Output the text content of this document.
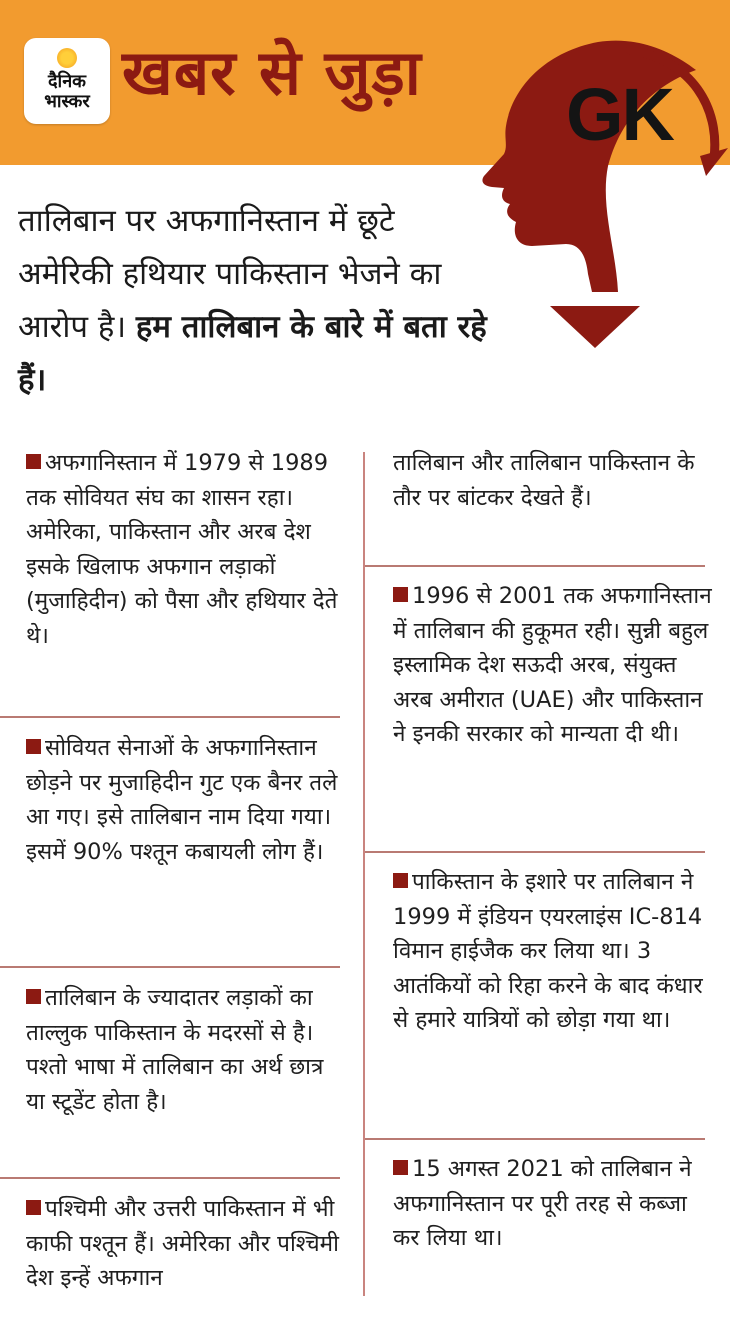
दैनिक
भास्कर खबर से जुड़ा
GK
तालिबान पर अफगानिस्तान में छूटे अमेरिकी हथियार पाकिस्तान भेजने का आरोप है। हम तालिबान के बारे में बता रहे हैं।
अफगानिस्तान में 1979 से 1989 तक सोवियत संघ का शासन रहा। अमेरिका, पाकिस्तान और अरब देश इसके खिलाफ अफगान लड़ाकों (मुजाहिदीन) को पैसा और हथियार देते थे।
सोवियत सेनाओं के अफगानिस्तान छोड़ने पर मुजाहिदीन गुट एक बैनर तले आ गए। इसे तालिबान नाम दिया गया। इसमें 90% पश्तून कबायली लोग हैं।
तालिबान के ज्यादातर लड़ाकों का ताल्लुक पाकिस्तान के मदरसों से है। पश्तो भाषा में तालिबान का अर्थ छात्र या स्टूडेंट होता है।
पश्चिमी और उत्तरी पाकिस्तान में भी काफी पश्तून हैं। अमेरिका और पश्चिमी देश इन्हें अफगान
तालिबान और तालिबान पाकिस्तान के तौर पर बांटकर देखते हैं।
1996 से 2001 तक अफगानिस्तान में तालिबान की हुकूमत रही। सुन्नी बहुल इस्लामिक देश सऊदी अरब, संयुक्त अरब अमीरात (UAE) और पाकिस्तान ने इनकी सरकार को मान्यता दी थी।
पाकिस्तान के इशारे पर तालिबान ने 1999 में इंडियन एयरलाइंस IC-814 विमान हाईजैक कर लिया था। 3 आतंकियों को रिहा करने के बाद कंधार से हमारे यात्रियों को छोड़ा गया था।
15 अगस्त 2021 को तालिबान ने अफगानिस्तान पर पूरी तरह से कब्जा कर लिया था।
